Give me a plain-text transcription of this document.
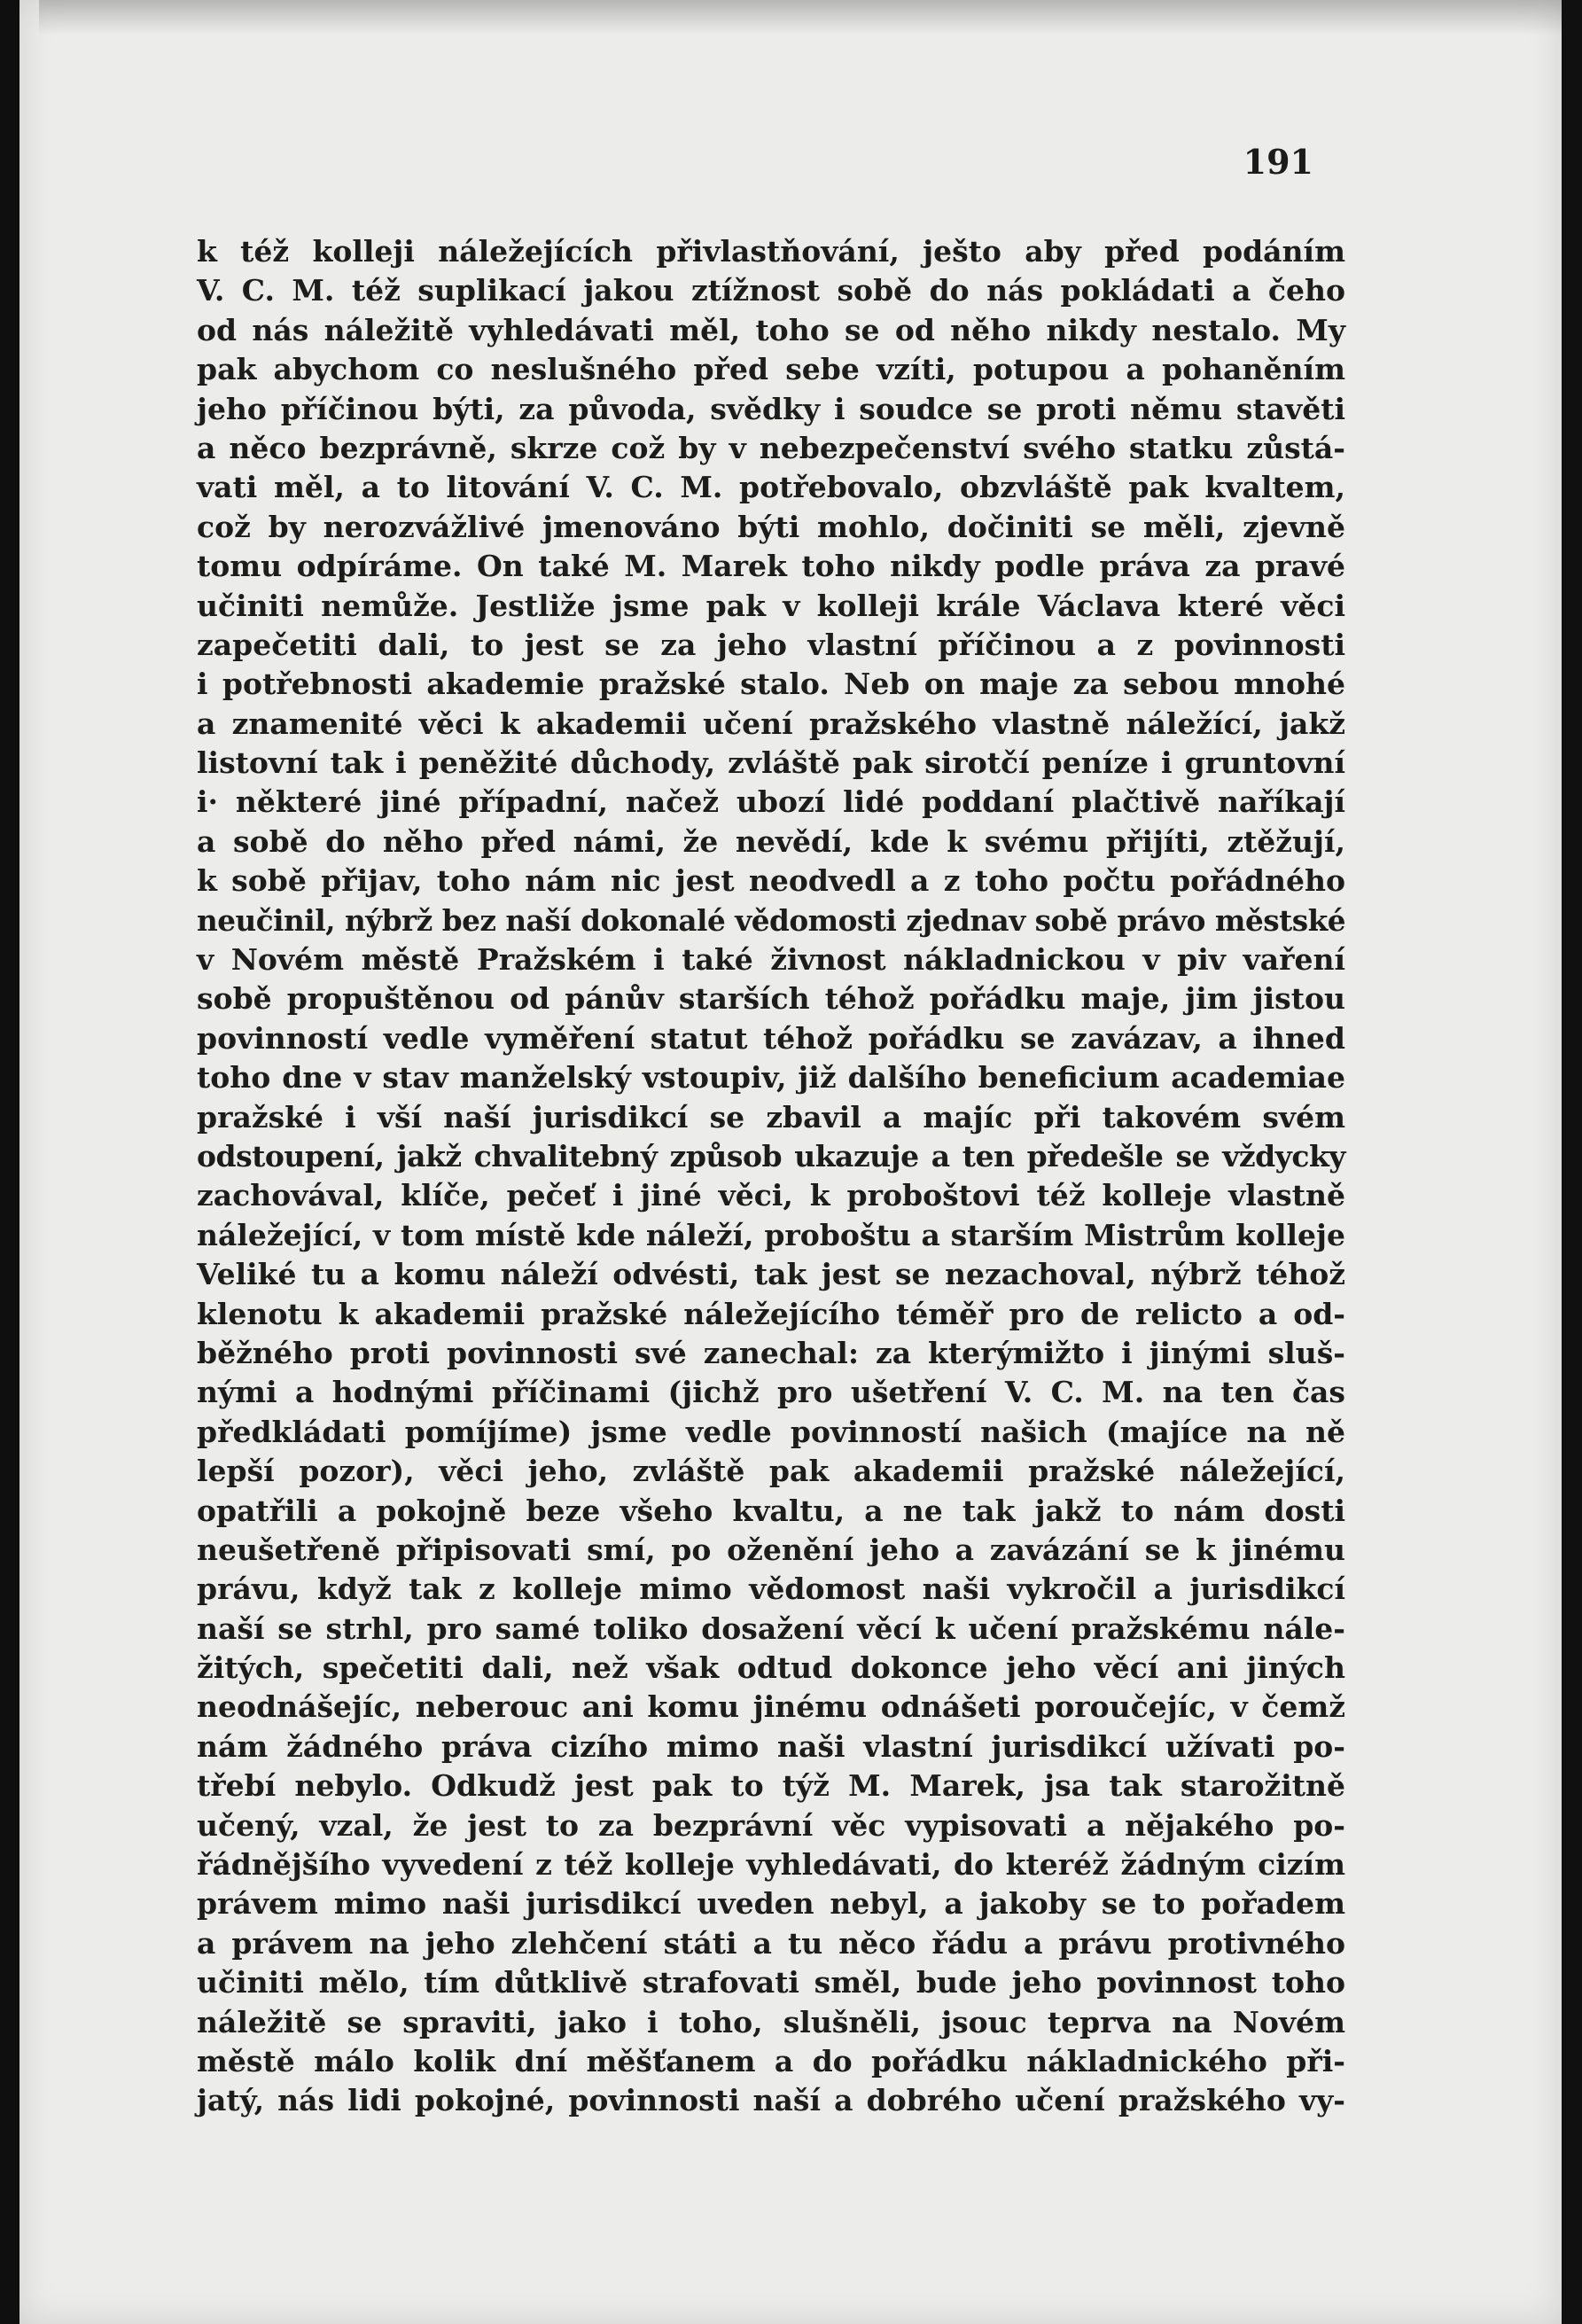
191
k též kolleji náležejících přivlastňování, ješto aby před podáním
V. C. M. též suplikací jakou ztížnost sobě do nás pokládati a čeho
od nás náležitě vyhledávati měl, toho se od něho nikdy nestalo. My
pak abychom co neslušného před sebe vzíti, potupou a pohaněním
jeho příčinou býti, za původa, svědky i soudce se proti němu stavěti
a něco bezprávně, skrze což by v nebezpečenství svého statku zůstá-
vati měl, a to litování V. C. M. potřebovalo, obzvláště pak kvaltem,
což by nerozvážlivé jmenováno býti mohlo, dočiniti se měli, zjevně
tomu odpíráme. On také M. Marek toho nikdy podle práva za pravé
učiniti nemůže. Jestliže jsme pak v kolleji krále Václava které věci
zapečetiti dali, to jest se za jeho vlastní příčinou a z povinnosti
i potřebnosti akademie pražské stalo. Neb on maje za sebou mnohé
a znamenité věci k akademii učení pražského vlastně náležící, jakž
listovní tak i peněžité důchody, zvláště pak sirotčí peníze i gruntovní
i· některé jiné případní, načež ubozí lidé poddaní plačtivě naříkají
a sobě do něho před námi, že nevědí, kde k svému přijíti, ztěžují,
k sobě přijav, toho nám nic jest neodvedl a z toho počtu pořádného
neučinil, nýbrž bez naší dokonalé vědomosti zjednav sobě právo městské
v Novém městě Pražském i také živnost nákladnickou v piv vaření
sobě propuštěnou od pánův starších téhož pořádku maje, jim jistou
povinností vedle vyměření statut téhož pořádku se zavázav, a ihned
toho dne v stav manželský vstoupiv, již dalšího beneficium academiae
pražské i vší naší jurisdikcí se zbavil a majíc při takovém svém
odstoupení, jakž chvalitebný způsob ukazuje a ten předešle se vždycky
zachovával, klíče, pečeť i jiné věci, k proboštovi též kolleje vlastně
náležející, v tom místě kde náleží, proboštu a starším Mistrům kolleje
Veliké tu a komu náleží odvésti, tak jest se nezachoval, nýbrž téhož
klenotu k akademii pražské náležejícího téměř pro de relicto a od-
běžného proti povinnosti své zanechal: za kterýmižto i jinými sluš-
nými a hodnými příčinami (jichž pro ušetření V. C. M. na ten čas
předkládati pomíjíme) jsme vedle povinností našich (majíce na ně
lepší pozor), věci jeho, zvláště pak akademii pražské náležející,
opatřili a pokojně beze všeho kvaltu, a ne tak jakž to nám dosti
neušetřeně připisovati smí, po oženění jeho a zavázání se k jinému
právu, když tak z kolleje mimo vědomost naši vykročil a jurisdikcí
naší se strhl, pro samé toliko dosažení věcí k učení pražskému nále-
žitých, spečetiti dali, než však odtud dokonce jeho věcí ani jiných
neodnášejíc, neberouc ani komu jinému odnášeti poroučejíc, v čemž
nám žádného práva cizího mimo naši vlastní jurisdikcí užívati po-
třebí nebylo. Odkudž jest pak to týž M. Marek, jsa tak starožitně
učený, vzal, že jest to za bezprávní věc vypisovati a nějakého po-
řádnějšího vyvedení z též kolleje vyhledávati, do kteréž žádným cizím
právem mimo naši jurisdikcí uveden nebyl, a jakoby se to pořadem
a právem na jeho zlehčení státi a tu něco řádu a právu protivného
učiniti mělo, tím důtklivě strafovati směl, bude jeho povinnost toho
náležitě se spraviti, jako i toho, slušněli, jsouc teprva na Novém
městě málo kolik dní měšťanem a do pořádku nákladnického při-
jatý, nás lidi pokojné, povinnosti naší a dobrého učení pražského vy-
